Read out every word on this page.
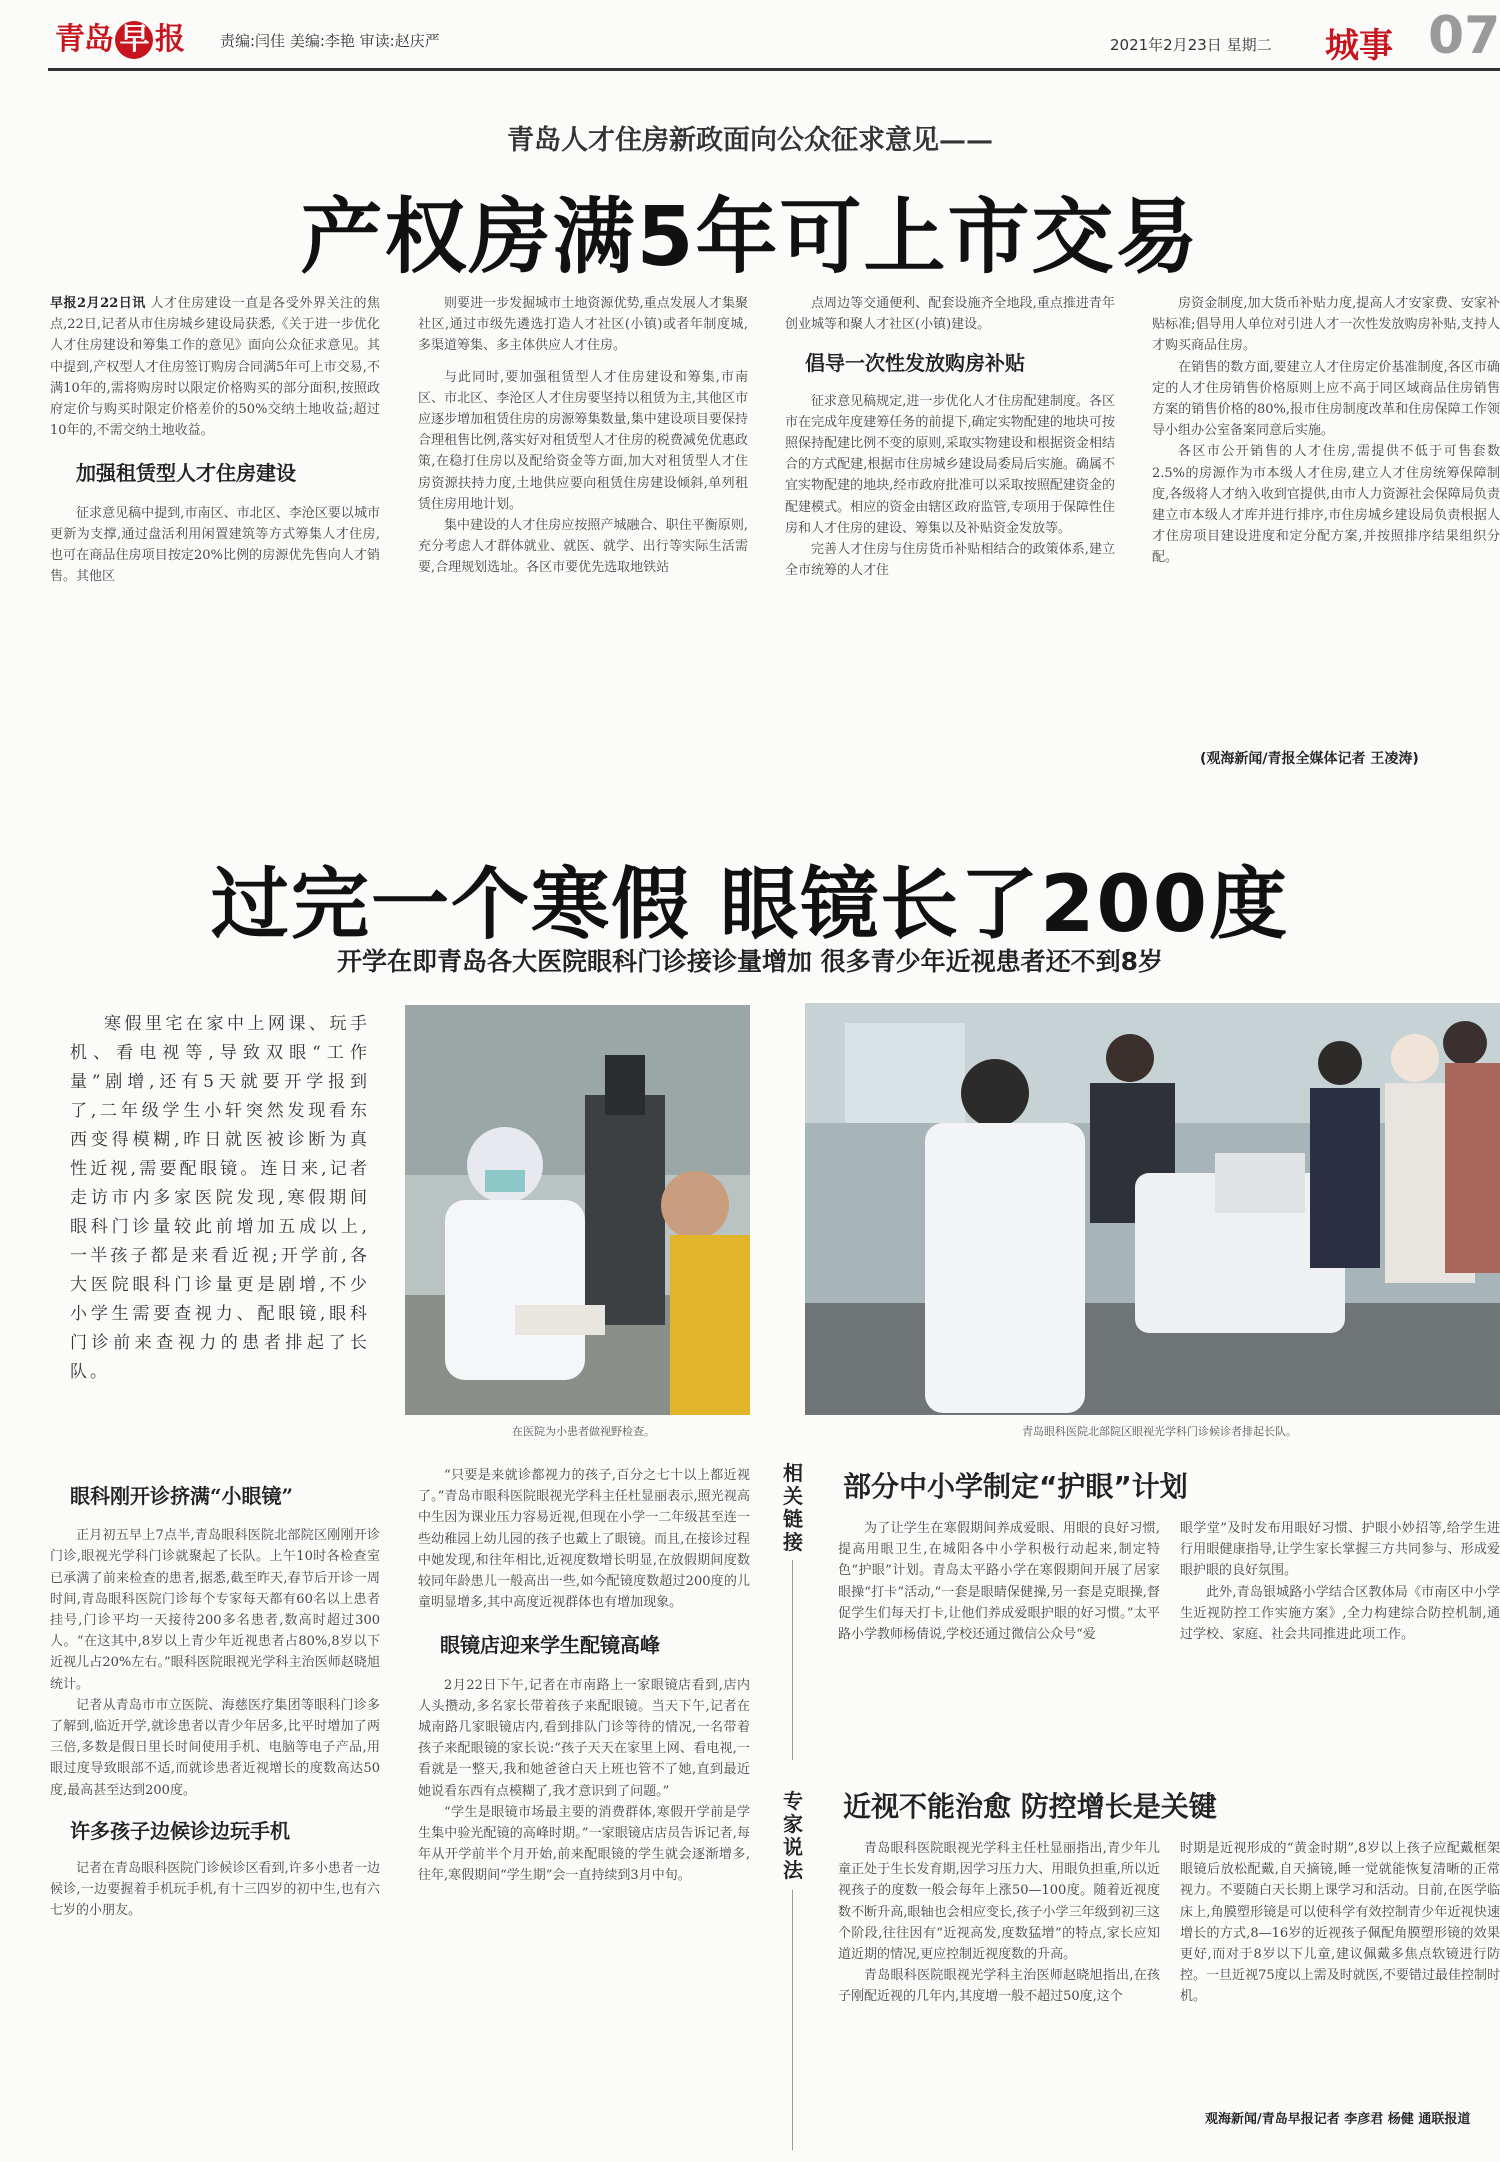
青岛 早 报 责编:闫佳 美编:李艳 审读:赵庆严	2021年2月23日 星期二 城事 07
青岛人才住房新政面向公众征求意见——
产权房满5年可上市交易

早报2月22日讯 人才住房建设一直是各受外界关注的焦点,22日,记者从市住房城乡建设局获悉,《关于进一步优化人才住房建设和筹集工作的意见》面向公众征求意见。其中提到,产权型人才住房签订购房合同满5年可上市交易,不满10年的,需将购房时以限定价格购买的部分面积,按照政府定价与购买时限定价格差价的50%交纳土地收益;超过10年的,不需交纳土地收益。

加强租赁型人才住房建设

征求意见稿中提到,市南区、市北区、李沧区要以城市更新为支撑,通过盘活利用闲置建筑等方式筹集人才住房,也可在商品住房项目按定20%比例的房源优先售向人才销售。其他区

则要进一步发掘城市土地资源优势,重点发展人才集聚社区,通过市级先遴选打造人才社区(小镇)或者年制度城,多渠道筹集、多主体供应人才住房。

与此同时,要加强租赁型人才住房建设和筹集,市南区、市北区、李沧区人才住房要坚持以租赁为主,其他区市应逐步增加租赁住房的房源筹集数量,集中建设项目要保持合理租售比例,落实好对租赁型人才住房的税费减免优惠政策,在稳打住房以及配给资金等方面,加大对租赁型人才住房资源扶持力度,土地供应要向租赁住房建设倾斜,单列租赁住房用地计划。

集中建设的人才住房应按照产城融合、职住平衡原则,充分考虑人才群体就业、就医、就学、出行等实际生活需要,合理规划选址。各区市要优先选取地铁站

点周边等交通便利、配套设施齐全地段,重点推进青年创业城等和聚人才社区(小镇)建设。

倡导一次性发放购房补贴

征求意见稿规定,进一步优化人才住房配建制度。各区市在完成年度建筹任务的前提下,确定实物配建的地块可按照保持配建比例不变的原则,采取实物建设和根据资金相结合的方式配建,根据市住房城乡建设局委局后实施。确属不宜实物配建的地块,经市政府批准可以采取按照配建资金的配建模式。相应的资金由辖区政府监管,专项用于保障性住房和人才住房的建设、筹集以及补贴资金发放等。

完善人才住房与住房货币补贴相结合的政策体系,建立全市统筹的人才住

房资金制度,加大货币补贴力度,提高人才安家费、安家补贴标准;倡导用人单位对引进人才一次性发放购房补贴,支持人才购买商品住房。

在销售的数方面,要建立人才住房定价基准制度,各区市确定的人才住房销售价格原则上应不高于同区域商品住房销售方案的销售价格的80%,报市住房制度改革和住房保障工作领导小组办公室备案同意后实施。

各区市公开销售的人才住房,需提供不低于可售套数2.5%的房源作为市本级人才住房,建立人才住房统筹保障制度,各级将人才纳入收到官提供,由市人力资源社会保障局负责建立市本级人才库并进行排序,市住房城乡建设局负责根据人才住房项目建设进度和定分配方案,并按照排序结果组织分配。

(观海新闻/青报全媒体记者 王凌涛)
过完一个寒假 眼镜长了200度
开学在即青岛各大医院眼科门诊接诊量增加 很多青少年近视患者还不到8岁

寒假里宅在家中上网课、玩手机、看电视等,导致双眼“工作量”剧增,还有5天就要开学报到了,二年级学生小轩突然发现看东西变得模糊,昨日就医被诊断为真性近视,需要配眼镜。连日来,记者走访市内多家医院发现,寒假期间眼科门诊量较此前增加五成以上,一半孩子都是来看近视;开学前,各大医院眼科门诊量更是剧增,不少小学生需要查视力、配眼镜,眼科门诊前来查视力的患者排起了长队。

在医院为小患者做视野检查。	青岛眼科医院北部院区眼视光学科门诊候诊者排起长队。
眼科刚开诊挤满“小眼镜”

正月初五早上7点半,青岛眼科医院北部院区刚刚开诊门诊,眼视光学科门诊就聚起了长队。上午10时各检查室已承满了前来检查的患者,据悉,截至昨天,春节后开诊一周时间,青岛眼科医院门诊每个专家每天都有60名以上患者挂号,门诊平均一天接待200多名患者,数高时超过300人。“在这其中,8岁以上青少年近视患者占80%,8岁以下近视儿占20%左右。”眼科医院眼视光学科主治医师赵晓旭统计。

记者从青岛市市立医院、海慈医疗集团等眼科门诊多了解到,临近开学,就诊患者以青少年居多,比平时增加了两三倍,多数是假日里长时间使用手机、电脑等电子产品,用眼过度导致眼部不适,而就诊患者近视增长的度数高达50度,最高甚至达到200度。

许多孩子边候诊边玩手机

记者在青岛眼科医院门诊候诊区看到,许多小患者一边候诊,一边要握着手机玩手机,有十三四岁的初中生,也有六七岁的小朋友。

“只要是来就诊都视力的孩子,百分之七十以上都近视了。”青岛市眼科医院眼视光学科主任杜显丽表示,照光视高中生因为课业压力容易近视,但现在小学一二年级甚至连一些幼稚园上幼儿园的孩子也戴上了眼镜。而且,在接诊过程中她发现,和往年相比,近视度数增长明显,在放假期间度数较同年龄患儿一般高出一些,如今配镜度数超过200度的儿童明显增多,其中高度近视群体也有增加现象。

眼镜店迎来学生配镜高峰

2月22日下午,记者在市南路上一家眼镜店看到,店内人头攒动,多名家长带着孩子来配眼镜。当天下午,记者在城南路几家眼镜店内,看到排队门诊等待的情况,一名带着孩子来配眼镜的家长说:“孩子天天在家里上网、看电视,一看就是一整天,我和她爸爸白天上班也管不了她,直到最近她说看东西有点模糊了,我才意识到了问题。”

“学生是眼镜市场最主要的消费群体,寒假开学前是学生集中验光配镜的高峰时期。”一家眼镜店店员告诉记者,每年从开学前半个月开始,前来配眼镜的学生就会逐渐增多,往年,寒假期间“学生期”会一直持续到3月中旬。

相关链接
专家说法
部分中小学制定“护眼”计划

为了让学生在寒假期间养成爱眼、用眼的良好习惯,提高用眼卫生,在城阳各中小学积极行动起来,制定特色“护眼”计划。青岛太平路小学在寒假期间开展了居家眼操“打卡”活动,“一套是眼睛保健操,另一套是克眼操,督促学生们每天打卡,让他们养成爱眼护眼的好习惯。”太平路小学教师杨倩说,学校还通过微信公众号“爱

眼学堂”及时发布用眼好习惯、护眼小妙招等,给学生进行用眼健康指导,让学生家长掌握三方共同参与、形成爱眼护眼的良好氛围。

此外,青岛银城路小学结合区教体局《市南区中小学生近视防控工作实施方案》,全力构建综合防控机制,通过学校、家庭、社会共同推进此项工作。

近视不能治愈 防控增长是关键

青岛眼科医院眼视光学科主任杜显丽指出,青少年儿童正处于生长发育期,因学习压力大、用眼负担重,所以近视孩子的度数一般会每年上涨50—100度。随着近视度数不断升高,眼轴也会相应变长,孩子小学三年级到初三这个阶段,往往因有“近视高发,度数猛增”的特点,家长应知道近期的情况,更应控制近视度数的升高。

青岛眼科医院眼视光学科主治医师赵晓旭指出,在孩子刚配近视的几年内,其度增一般不超过50度,这个

时期是近视形成的“黄金时期”,8岁以上孩子应配戴框架眼镜后放松配戴,自天摘镜,睡一觉就能恢复清晰的正常视力。不要随白天长期上课学习和活动。日前,在医学临床上,角膜塑形镜是可以使科学有效控制青少年近视快速增长的方式,8—16岁的近视孩子佩配角膜塑形镜的效果更好,而对于8岁以下儿童,建议佩戴多焦点软镜进行防控。一旦近视75度以上需及时就医,不要错过最佳控制时机。

观海新闻/青岛早报记者 李彦君 杨健 通联报道
